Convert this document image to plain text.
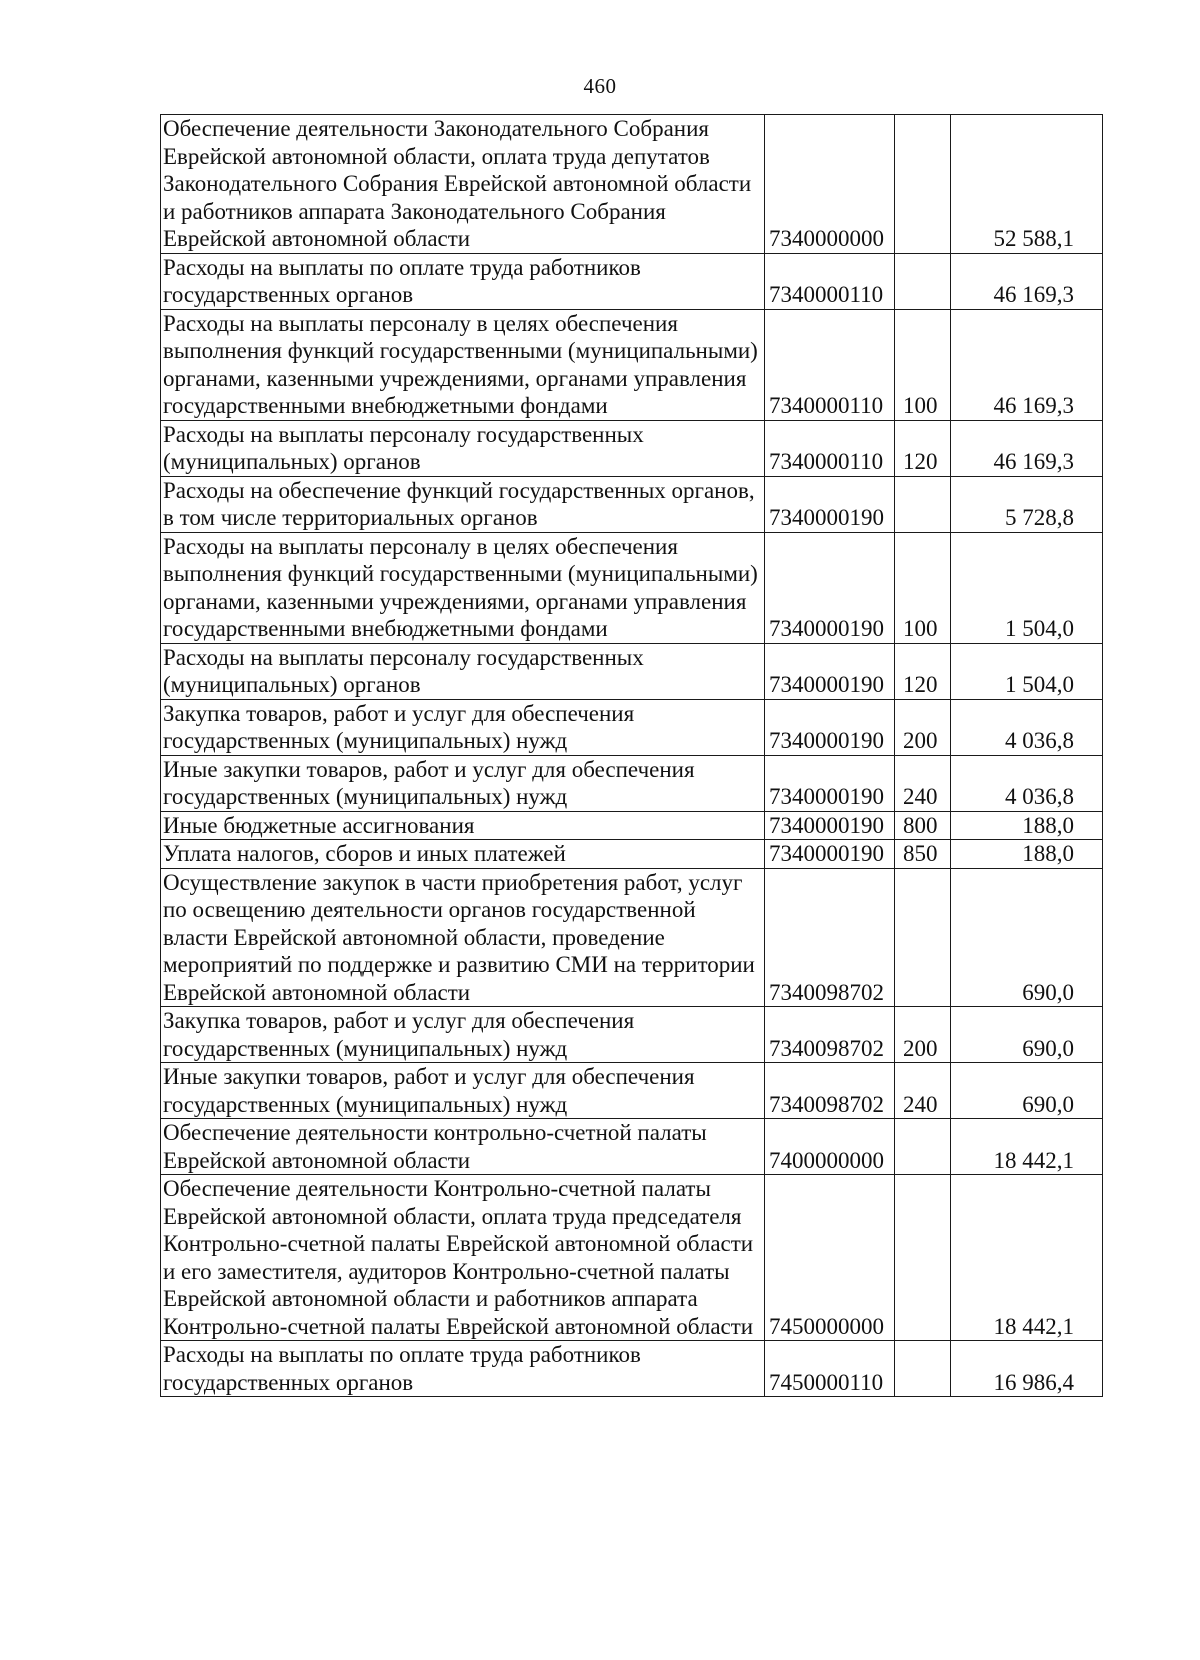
460
Обеспечение деятельности Законодательного Собрания Еврейской автономной области, оплата труда депутатов Законодательного Собрания Еврейской автономной области и работников аппарата Законодательного Собрания Еврейской автономной области	7340000000		52 588,1
Расходы на выплаты по оплате труда работников государственных органов	7340000110		46 169,3
Расходы на выплаты персоналу в целях обеспечения выполнения функций государственными (муниципальными) органами, казенными учреждениями, органами управления государственными внебюджетными фондами	7340000110	100	46 169,3
Расходы на выплаты персоналу государственных (муниципальных) органов	7340000110	120	46 169,3
Расходы на обеспечение функций государственных органов, в том числе территориальных органов	7340000190		5 728,8
Расходы на выплаты персоналу в целях обеспечения выполнения функций государственными (муниципальными) органами, казенными учреждениями, органами управления государственными внебюджетными фондами	7340000190	100	1 504,0
Расходы на выплаты персоналу государственных (муниципальных) органов	7340000190	120	1 504,0
Закупка товаров, работ и услуг для обеспечения государственных (муниципальных) нужд	7340000190	200	4 036,8
Иные закупки товаров, работ и услуг для обеспечения государственных (муниципальных) нужд	7340000190	240	4 036,8
Иные бюджетные ассигнования	7340000190	800	188,0
Уплата налогов, сборов и иных платежей	7340000190	850	188,0
Осуществление закупок в части приобретения работ, услуг по освещению деятельности органов государственной власти Еврейской автономной области, проведение мероприятий по поддержке и развитию СМИ на территории Еврейской автономной области	7340098702		690,0
Закупка товаров, работ и услуг для обеспечения государственных (муниципальных) нужд	7340098702	200	690,0
Иные закупки товаров, работ и услуг для обеспечения государственных (муниципальных) нужд	7340098702	240	690,0
Обеспечение деятельности контрольно-счетной палаты Еврейской автономной области	7400000000		18 442,1
Обеспечение деятельности Контрольно-счетной палаты Еврейской автономной области, оплата труда председателя Контрольно-счетной палаты Еврейской автономной области и его заместителя, аудиторов Контрольно-счетной палаты Еврейской автономной области и работников аппарата Контрольно-счетной палаты Еврейской автономной области	7450000000		18 442,1
Расходы на выплаты по оплате труда работников государственных органов	7450000110		16 986,4
